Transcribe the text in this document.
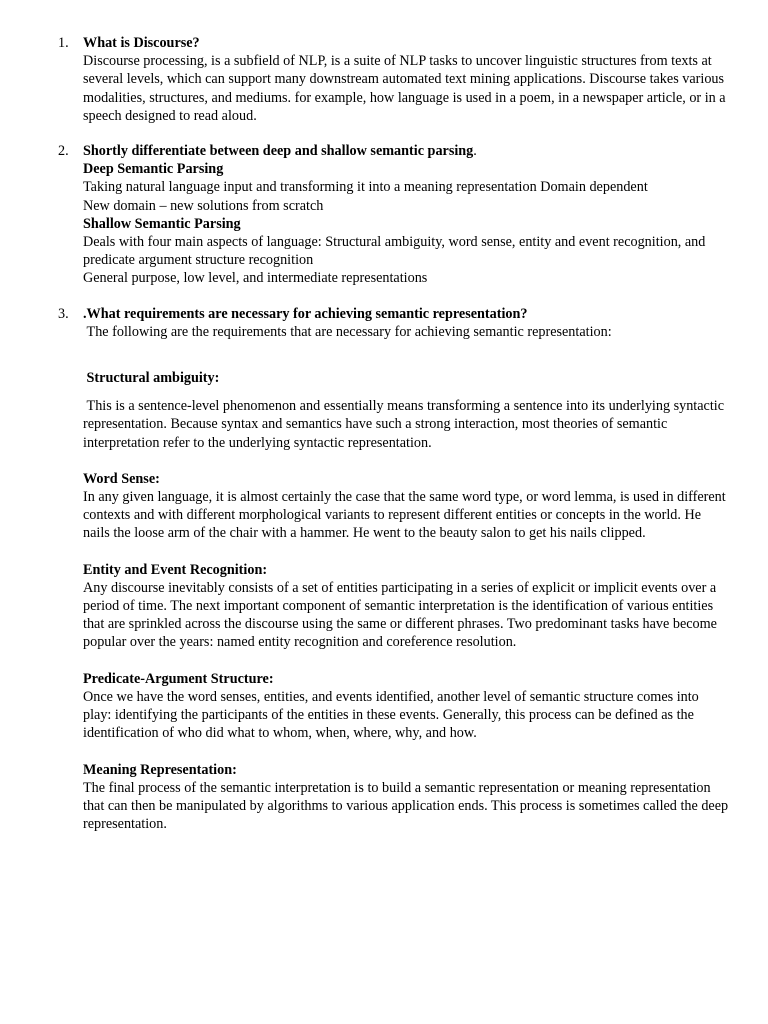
1. What is Discourse?

Discourse processing, is a subfield of NLP, is a suite of NLP tasks to uncover linguistic structures from texts at several levels, which can support many downstream automated text mining applications. Discourse takes various modalities, structures, and mediums. for example, how language is used in a poem, in a newspaper article, or in a speech designed to read aloud.

2. Shortly differentiate between deep and shallow semantic parsing.

Deep Semantic Parsing

Taking natural language input and transforming it into a meaning representation Domain dependent

New domain – new solutions from scratch

Shallow Semantic Parsing

Deals with four main aspects of language: Structural ambiguity, word sense, entity and event recognition, and predicate argument structure recognition

General purpose, low level, and intermediate representations

3. .What requirements are necessary for achieving semantic representation?

The following are the requirements that are necessary for achieving semantic representation:

Structural ambiguity:

This is a sentence-level phenomenon and essentially means transforming a sentence into its underlying syntactic representation. Because syntax and semantics have such a strong interaction, most theories of semantic interpretation refer to the underlying syntactic representation.

Word Sense:

In any given language, it is almost certainly the case that the same word type, or word lemma, is used in different contexts and with different morphological variants to represent different entities or concepts in the world. He nails the loose arm of the chair with a hammer. He went to the beauty salon to get his nails clipped.

Entity and Event Recognition:

Any discourse inevitably consists of a set of entities participating in a series of explicit or implicit events over a period of time. The next important component of semantic interpretation is the identification of various entities that are sprinkled across the discourse using the same or different phrases. Two predominant tasks have become popular over the years: named entity recognition and coreference resolution.

Predicate-Argument Structure:

Once we have the word senses, entities, and events identified, another level of semantic structure comes into play: identifying the participants of the entities in these events. Generally, this process can be defined as the identification of who did what to whom, when, where, why, and how.

Meaning Representation:

The final process of the semantic interpretation is to build a semantic representation or meaning representation that can then be manipulated by algorithms to various application ends. This process is sometimes called the deep representation.
